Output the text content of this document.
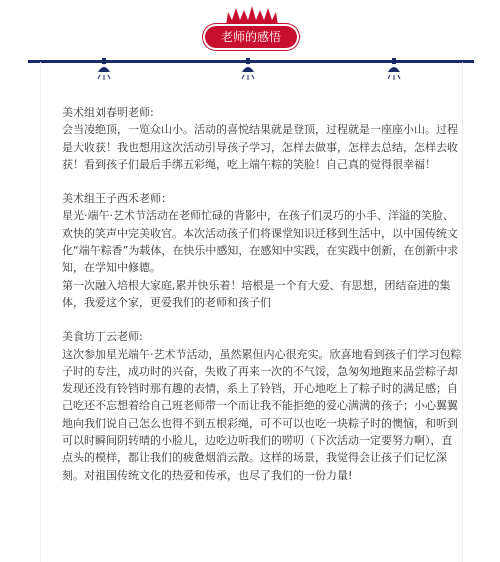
老师的感悟
美术组刘春明老师:

会当凌绝顶，一览众山小。活动的喜悦结果就是登顶，过程就是一座座小山。过程是大收获！我也想用这次活动引导孩子学习，怎样去做事，怎样去总结，怎样去收获！看到孩子们最后手绑五彩绳，吃上端午粽的笑脸！自己真的觉得很幸福！

美术组王子西禾老师：

星光·端午·艺术节活动在老师忙碌的背影中，在孩子们灵巧的小手、洋溢的笑脸、欢快的笑声中完美收官。本次活动孩子们将课堂知识迁移到生活中，以中国传统文化“端午粽香”为载体，在快乐中感知，在感知中实践，在实践中创新，在创新中求知，在学知中修德。

第一次融入培根大家庭,累并快乐着！培根是一个有大爱、有思想，团结奋进的集体，我爱这个家，更爱我们的老师和孩子们

美食坊丁云老师:

这次参加星光端午·艺术节活动，虽然累但内心很充实。欣喜地看到孩子们学习包粽子时的专注，成功时的兴奋，失败了再来一次的不气馁，急匆匆地跑来品尝粽子却发现还没有铃铛时那有趣的表情，系上了铃铛，开心地吃上了粽子时的满足感；自己吃还不忘想着给自己班老师带一个而让我不能拒绝的爱心满满的孩子；小心翼翼地向我们说自己怎么也得不到五根彩绳，可不可以也吃一块粽子时的懊恼，和听到可以时瞬间阴转晴的小脸儿，边吃边听我们的唠叨（下次活动一定要努力啊），直点头的模样，都让我们的疲惫烟消云散。这样的场景，我觉得会让孩子们记忆深刻。对祖国传统文化的热爱和传承，也尽了我们的一份力量!
